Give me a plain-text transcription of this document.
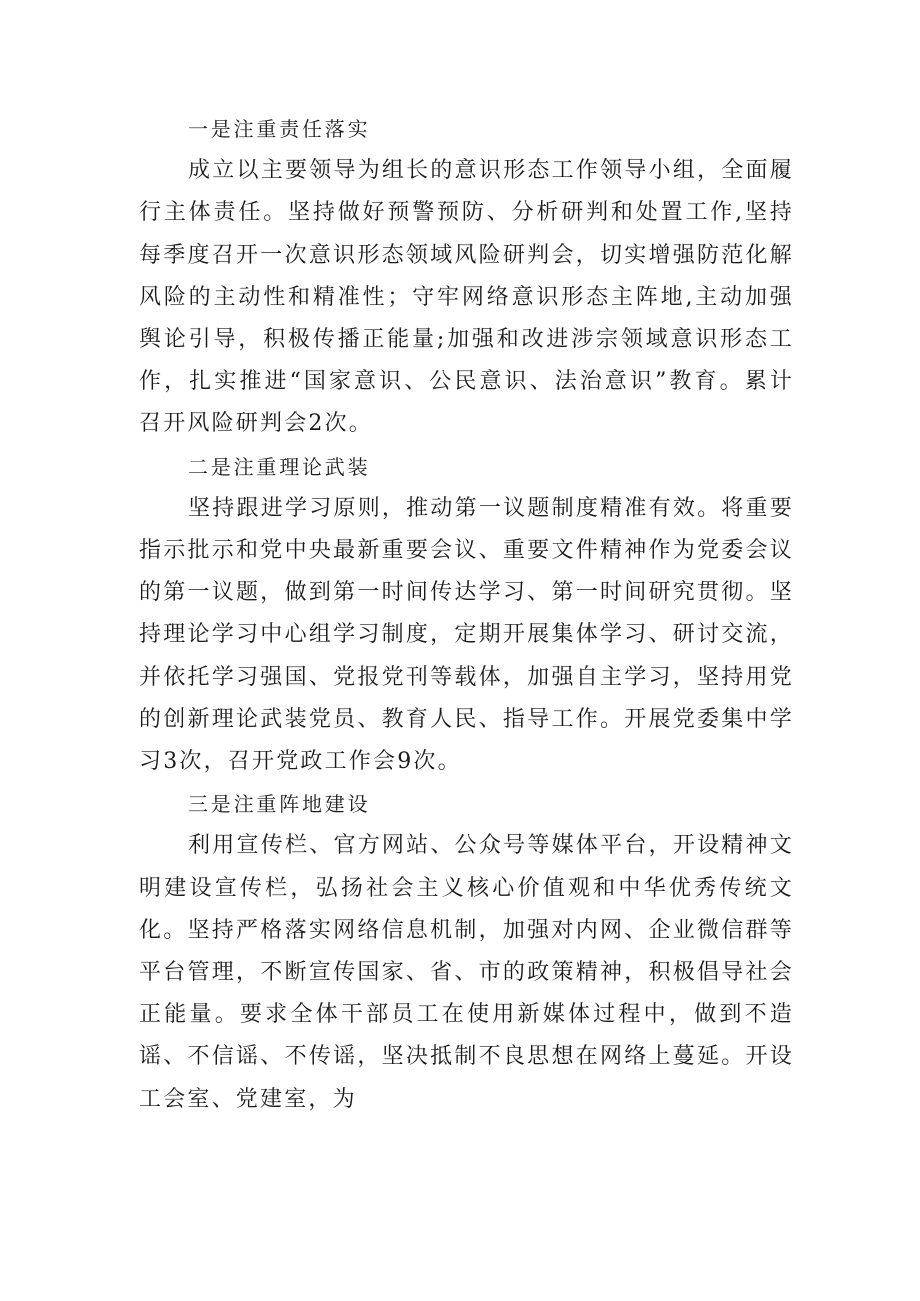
一是注重责任落实

成立以主要领导为组长的意识形态工作领导小组，全面履行主体责任。坚持做好预警预防、分析研判和处置工作,坚持每季度召开一次意识形态领域风险研判会，切实增强防范化解风险的主动性和精准性；守牢网络意识形态主阵地,主动加强舆论引导，积极传播正能量;加强和改进涉宗领域意识形态工作，扎实推进“国家意识、公民意识、法治意识”教育。累计召开风险研判会2次。

二是注重理论武装

坚持跟进学习原则，推动第一议题制度精准有效。将重要指示批示和党中央最新重要会议、重要文件精神作为党委会议的第一议题，做到第一时间传达学习、第一时间研究贯彻。坚持理论学习中心组学习制度，定期开展集体学习、研讨交流，并依托学习强国、党报党刊等载体，加强自主学习，坚持用党的创新理论武装党员、教育人民、指导工作。开展党委集中学习3次，召开党政工作会9次。

三是注重阵地建设

利用宣传栏、官方网站、公众号等媒体平台，开设精神文明建设宣传栏，弘扬社会主义核心价值观和中华优秀传统文化。坚持严格落实网络信息机制，加强对内网、企业微信群等平台管理，不断宣传国家、省、市的政策精神，积极倡导社会正能量。要求全体干部员工在使用新媒体过程中，做到不造谣、不信谣、不传谣，坚决抵制不良思想在网络上蔓延。开设工会室、党建室，为
